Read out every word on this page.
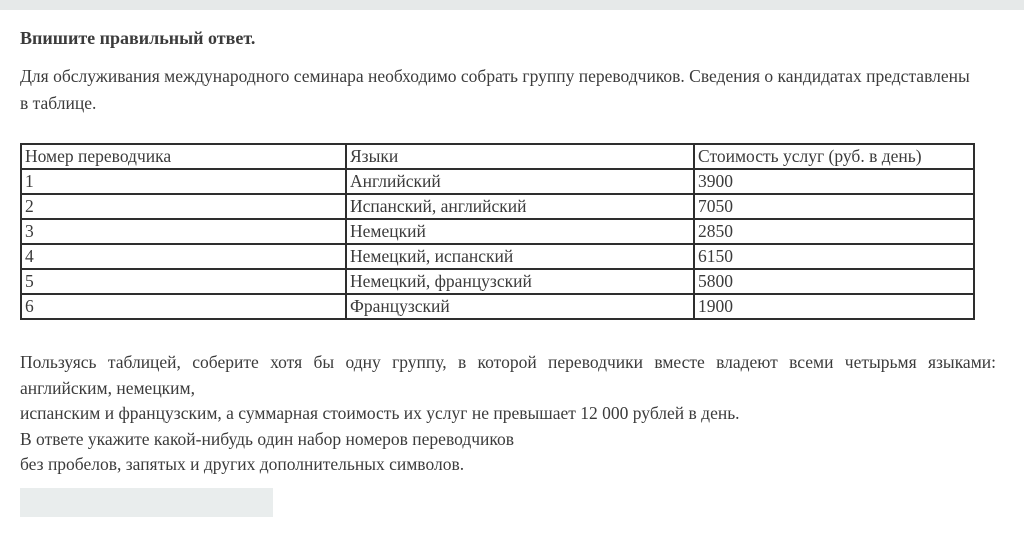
Впишите правильный ответ.
Для обслуживания международного семинара необходимо собрать группу переводчиков. Сведения о кандидатах представлены
в таблице.
Номер переводчика	Языки	Стоимость услуг (руб. в день)
1	Английский	3900
2	Испанский, английский	7050
3	Немецкий	2850
4	Немецкий, испанский	6150
5	Немецкий, французский	5800
6	Французский	1900
Пользуясь таблицей, соберите хотя бы одну группу, в которой переводчики вместе владеют всеми четырьмя языками:
английским, немецким,
испанским и французским, а суммарная стоимость их услуг не превышает 12 000 рублей в день.
В ответе укажите какой-нибудь один набор номеров переводчиков
без пробелов, запятых и других дополнительных символов.
